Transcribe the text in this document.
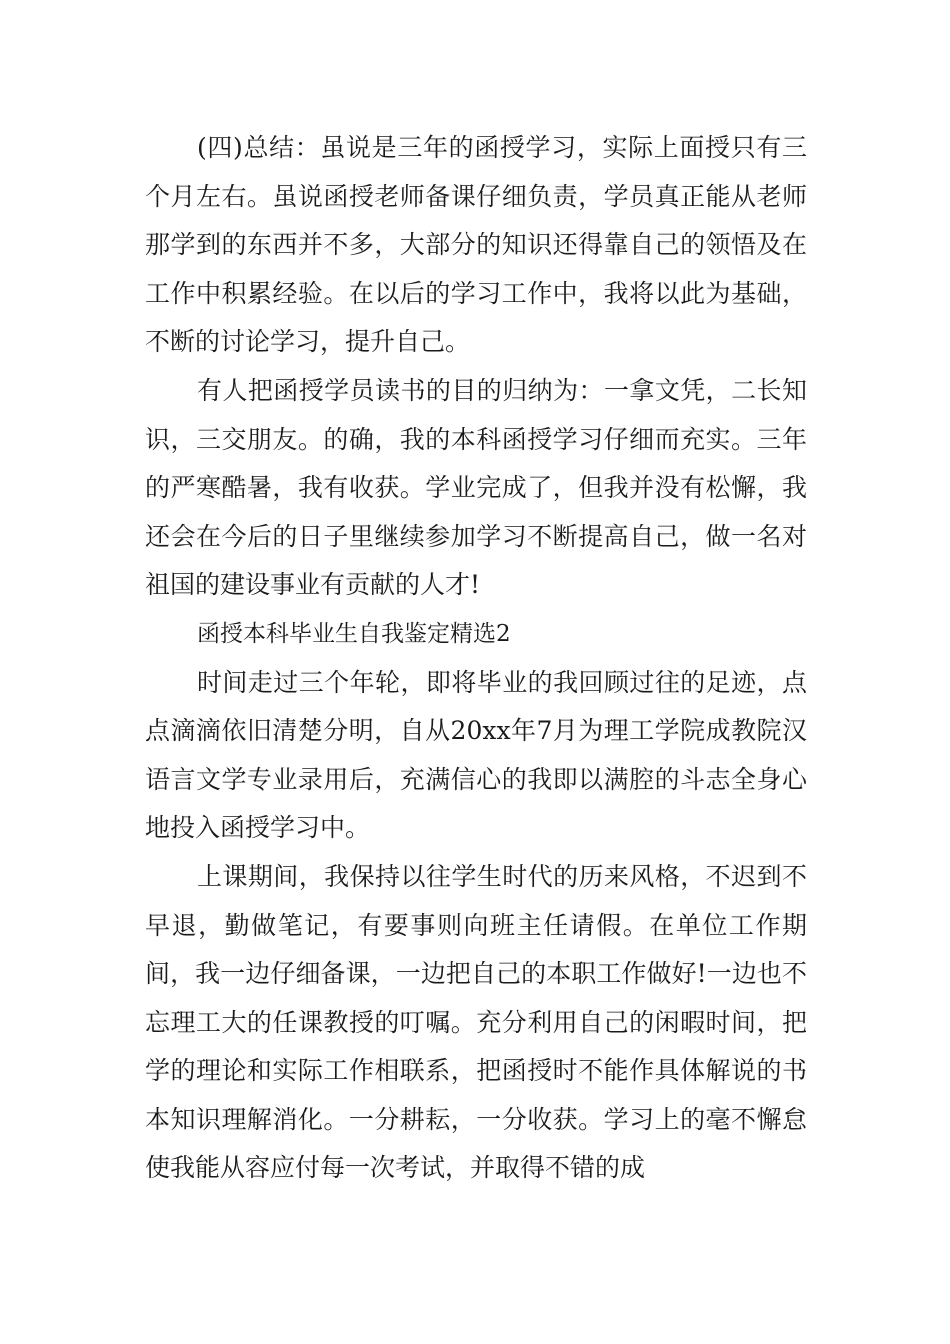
(四)总结：虽说是三年的函授学习，实际上面授只有三个月左右。虽说函授老师备课仔细负责，学员真正能从老师那学到的东西并不多，大部分的知识还得靠自己的领悟及在工作中积累经验。在以后的学习工作中，我将以此为基础，不断的讨论学习，提升自己。

有人把函授学员读书的目的归纳为：一拿文凭，二长知识，三交朋友。的确，我的本科函授学习仔细而充实。三年的严寒酷暑，我有收获。学业完成了，但我并没有松懈，我还会在今后的日子里继续参加学习不断提高自己，做一名对祖国的建设事业有贡献的人才!

函授本科毕业生自我鉴定精选2

时间走过三个年轮，即将毕业的我回顾过往的足迹，点点滴滴依旧清楚分明，自从20xx年7月为理工学院成教院汉语言文学专业录用后，充满信心的我即以满腔的斗志全身心地投入函授学习中。

上课期间，我保持以往学生时代的历来风格，不迟到不早退，勤做笔记，有要事则向班主任请假。在单位工作期间，我一边仔细备课，一边把自己的本职工作做好!一边也不忘理工大的任课教授的叮嘱。充分利用自己的闲暇时间，把学的理论和实际工作相联系，把函授时不能作具体解说的书本知识理解消化。一分耕耘，一分收获。学习上的毫不懈怠使我能从容应付每一次考试，并取得不错的成
